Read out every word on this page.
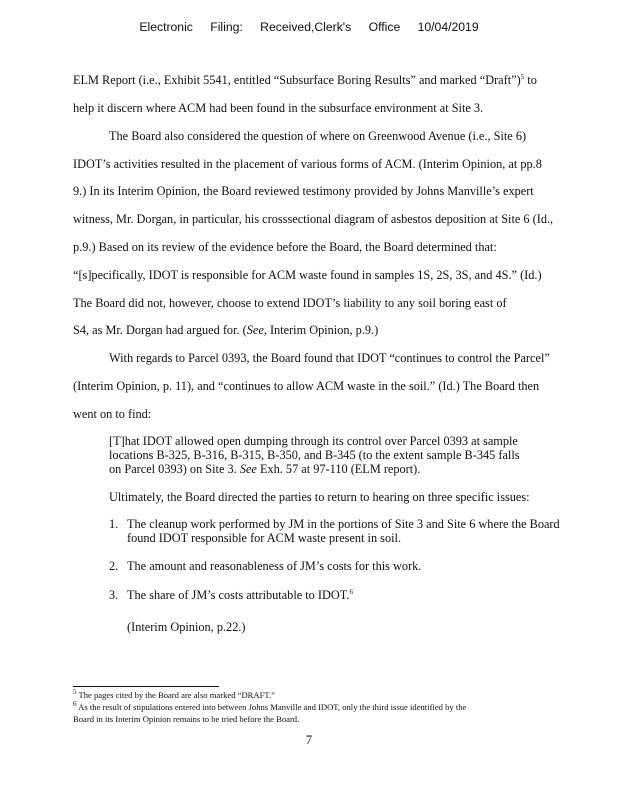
Electronic Filing: Received,Clerk's Office 10/04/2019
ELM Report (i.e., Exhibit 5541, entitled “Subsurface Boring Results” and marked “Draft”)$^5$ to
help it discern where ACM had been found in the subsurface environment at Site 3.
The Board also considered the question of where on Greenwood Avenue (i.e., Site 6)
IDOT’s activities resulted in the placement of various forms of ACM. (Interim Opinion, at pp.8
9.) In its Interim Opinion, the Board reviewed testimony provided by Johns Manville’s expert
witness, Mr. Dorgan, in particular, his crosssectional diagram of asbestos deposition at Site 6 (Id.,
p.9.) Based on its review of the evidence before the Board, the Board determined that:
“[s]pecifically, IDOT is responsible for ACM waste found in samples 1S, 2S, 3S, and 4S.” (Id.)
The Board did not, however, choose to extend IDOT’s liability to any soil boring east of
S4, as Mr. Dorgan had argued for. (See, Interim Opinion, p.9.)
With regards to Parcel 0393, the Board found that IDOT “continues to control the Parcel”
(Interim Opinion, p. 11), and “continues to allow ACM waste in the soil.” (Id.) The Board then
went on to find:
[T]hat IDOT allowed open dumping through its control over Parcel 0393 at sample
locations B-325, B-316, B-315, B-350, and B-345 (to the extent sample B-345 falls
on Parcel 0393) on Site 3. See Exh. 57 at 97-110 (ELM report).
Ultimately, the Board directed the parties to return to hearing on three specific issues:
1. The cleanup work performed by JM in the portions of Site 3 and Site 6 where the Board
found IDOT responsible for ACM waste present in soil.
2. The amount and reasonableness of JM’s costs for this work.
3. The share of JM’s costs attributable to IDOT.$^6$
(Interim Opinion, p.22.)
$^5$ The pages cited by the Board are also marked “DRAFT.”
$^6$ As the result of stipulations entered into between Johns Manville and IDOT, only the third issue identified by the
Board in its Interim Opinion remains to be tried before the Board.
7
